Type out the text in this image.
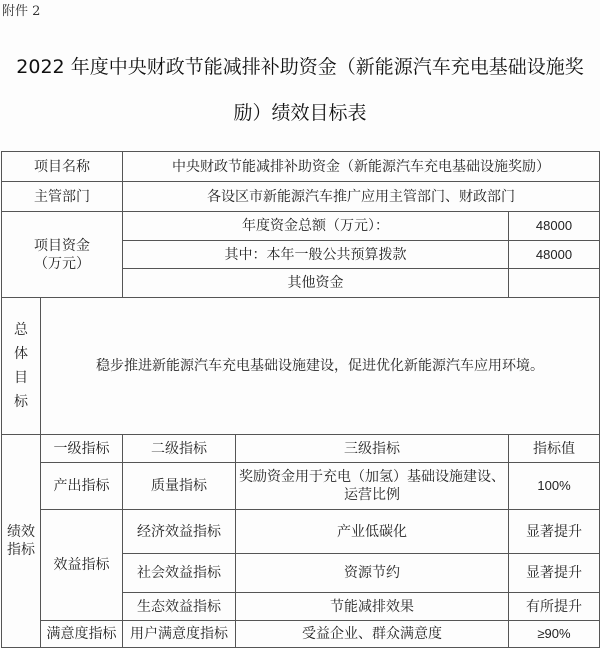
附件 2
2022 年度中央财政节能减排补助资金（新能源汽车充电基础设施奖
励）绩效目标表
项目名称		中央财政节能减排补助资金（新能源汽车充电基础设施奖励）		
主管部门		各设区市新能源汽车推广应用主管部门、财政部门		

项目资金
（万元）		年度资金总额（万元）：		48000
		其中：本年一般公共预算拨款		48000
		其他资金		

总
体
目
标	稳步推进新能源汽车充电基础设施建设，促进优化新能源汽车应用环境。			

绩效
指标	一级指标	二级指标	三级指标	指标值
	产出指标	质量指标	奖励资金用于充电（加氢）基础设施建设、运营比例	100%
	效益指标	经济效益指标	产业低碳化	显著提升
		社会效益指标	资源节约	显著提升
		生态效益指标	节能减排效果	有所提升
	满意度指标	用户满意度指标	受益企业、群众满意度	≥90%
